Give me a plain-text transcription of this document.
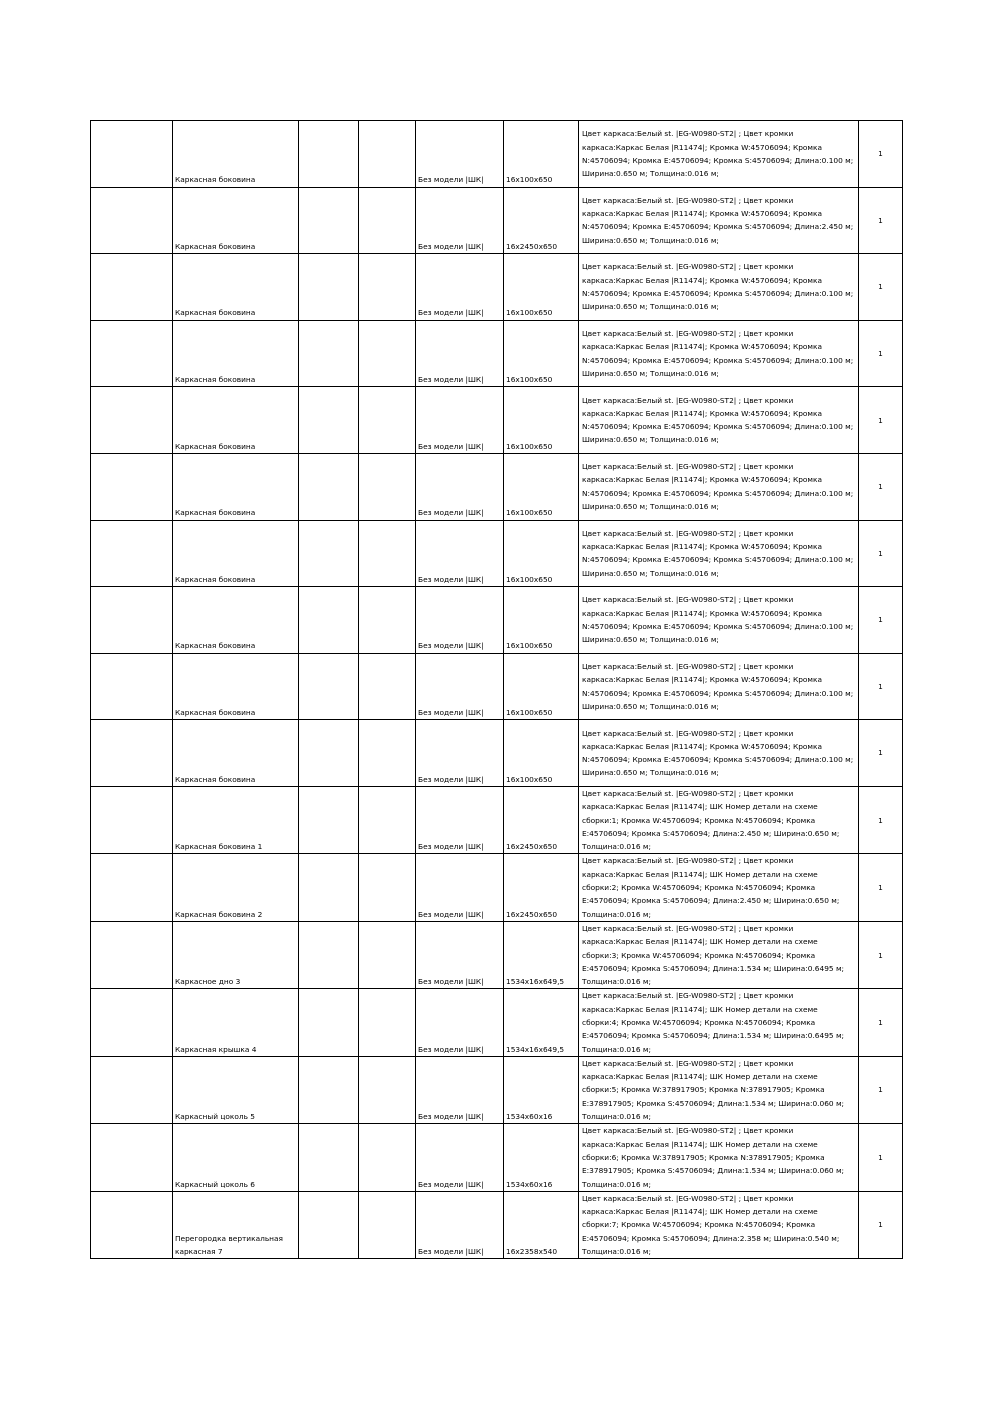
	Каркасная боковина			Без модели |ШК|	16x100x650	Цвет каркаса:Белый st. |EG-W0980-ST2| ; Цвет кромки каркаса:Каркас Белая |R11474|; Кромка W:45706094; Кромка N:45706094; Кромка E:45706094; Кромка S:45706094; Длина:0.100 м; Ширина:0.650 м; Толщина:0.016 м;	1
	Каркасная боковина			Без модели |ШК|	16x2450x650	Цвет каркаса:Белый st. |EG-W0980-ST2| ; Цвет кромки каркаса:Каркас Белая |R11474|; Кромка W:45706094; Кромка N:45706094; Кромка E:45706094; Кромка S:45706094; Длина:2.450 м; Ширина:0.650 м; Толщина:0.016 м;	1
	Каркасная боковина			Без модели |ШК|	16x100x650	Цвет каркаса:Белый st. |EG-W0980-ST2| ; Цвет кромки каркаса:Каркас Белая |R11474|; Кромка W:45706094; Кромка N:45706094; Кромка E:45706094; Кромка S:45706094; Длина:0.100 м; Ширина:0.650 м; Толщина:0.016 м;	1
	Каркасная боковина			Без модели |ШК|	16x100x650	Цвет каркаса:Белый st. |EG-W0980-ST2| ; Цвет кромки каркаса:Каркас Белая |R11474|; Кромка W:45706094; Кромка N:45706094; Кромка E:45706094; Кромка S:45706094; Длина:0.100 м; Ширина:0.650 м; Толщина:0.016 м;	1
	Каркасная боковина			Без модели |ШК|	16x100x650	Цвет каркаса:Белый st. |EG-W0980-ST2| ; Цвет кромки каркаса:Каркас Белая |R11474|; Кромка W:45706094; Кромка N:45706094; Кромка E:45706094; Кромка S:45706094; Длина:0.100 м; Ширина:0.650 м; Толщина:0.016 м;	1
	Каркасная боковина			Без модели |ШК|	16x100x650	Цвет каркаса:Белый st. |EG-W0980-ST2| ; Цвет кромки каркаса:Каркас Белая |R11474|; Кромка W:45706094; Кромка N:45706094; Кромка E:45706094; Кромка S:45706094; Длина:0.100 м; Ширина:0.650 м; Толщина:0.016 м;	1
	Каркасная боковина			Без модели |ШК|	16x100x650	Цвет каркаса:Белый st. |EG-W0980-ST2| ; Цвет кромки каркаса:Каркас Белая |R11474|; Кромка W:45706094; Кромка N:45706094; Кромка E:45706094; Кромка S:45706094; Длина:0.100 м; Ширина:0.650 м; Толщина:0.016 м;	1
	Каркасная боковина			Без модели |ШК|	16x100x650	Цвет каркаса:Белый st. |EG-W0980-ST2| ; Цвет кромки каркаса:Каркас Белая |R11474|; Кромка W:45706094; Кромка N:45706094; Кромка E:45706094; Кромка S:45706094; Длина:0.100 м; Ширина:0.650 м; Толщина:0.016 м;	1
	Каркасная боковина			Без модели |ШК|	16x100x650	Цвет каркаса:Белый st. |EG-W0980-ST2| ; Цвет кромки каркаса:Каркас Белая |R11474|; Кромка W:45706094; Кромка N:45706094; Кромка E:45706094; Кромка S:45706094; Длина:0.100 м; Ширина:0.650 м; Толщина:0.016 м;	1
	Каркасная боковина			Без модели |ШК|	16x100x650	Цвет каркаса:Белый st. |EG-W0980-ST2| ; Цвет кромки каркаса:Каркас Белая |R11474|; Кромка W:45706094; Кромка N:45706094; Кромка E:45706094; Кромка S:45706094; Длина:0.100 м; Ширина:0.650 м; Толщина:0.016 м;	1
	Каркасная боковина 1			Без модели |ШК|	16x2450x650	Цвет каркаса:Белый st. |EG-W0980-ST2| ; Цвет кромки каркаса:Каркас Белая |R11474|; ШК Номер детали на схеме сборки:1; Кромка W:45706094; Кромка N:45706094; Кромка E:45706094; Кромка S:45706094; Длина:2.450 м; Ширина:0.650 м; Толщина:0.016 м;	1
	Каркасная боковина 2			Без модели |ШК|	16x2450x650	Цвет каркаса:Белый st. |EG-W0980-ST2| ; Цвет кромки каркаса:Каркас Белая |R11474|; ШК Номер детали на схеме сборки:2; Кромка W:45706094; Кромка N:45706094; Кромка E:45706094; Кромка S:45706094; Длина:2.450 м; Ширина:0.650 м; Толщина:0.016 м;	1
	Каркасное дно 3			Без модели |ШК|	1534x16x649,5	Цвет каркаса:Белый st. |EG-W0980-ST2| ; Цвет кромки каркаса:Каркас Белая |R11474|; ШК Номер детали на схеме сборки:3; Кромка W:45706094; Кромка N:45706094; Кромка E:45706094; Кромка S:45706094; Длина:1.534 м; Ширина:0.6495 м; Толщина:0.016 м;	1
	Каркасная крышка 4			Без модели |ШК|	1534x16x649,5	Цвет каркаса:Белый st. |EG-W0980-ST2| ; Цвет кромки каркаса:Каркас Белая |R11474|; ШК Номер детали на схеме сборки:4; Кромка W:45706094; Кромка N:45706094; Кромка E:45706094; Кромка S:45706094; Длина:1.534 м; Ширина:0.6495 м; Толщина:0.016 м;	1
	Каркасный цоколь 5			Без модели |ШК|	1534x60x16	Цвет каркаса:Белый st. |EG-W0980-ST2| ; Цвет кромки каркаса:Каркас Белая |R11474|; ШК Номер детали на схеме сборки:5; Кромка W:378917905; Кромка N:378917905; Кромка E:378917905; Кромка S:45706094; Длина:1.534 м; Ширина:0.060 м; Толщина:0.016 м;	1
	Каркасный цоколь 6			Без модели |ШК|	1534x60x16	Цвет каркаса:Белый st. |EG-W0980-ST2| ; Цвет кромки каркаса:Каркас Белая |R11474|; ШК Номер детали на схеме сборки:6; Кромка W:378917905; Кромка N:378917905; Кромка E:378917905; Кромка S:45706094; Длина:1.534 м; Ширина:0.060 м; Толщина:0.016 м;	1
	Перегородка вертикальная каркасная 7			Без модели |ШК|	16x2358x540	Цвет каркаса:Белый st. |EG-W0980-ST2| ; Цвет кромки каркаса:Каркас Белая |R11474|; ШК Номер детали на схеме сборки:7; Кромка W:45706094; Кромка N:45706094; Кромка E:45706094; Кромка S:45706094; Длина:2.358 м; Ширина:0.540 м; Толщина:0.016 м;	1
